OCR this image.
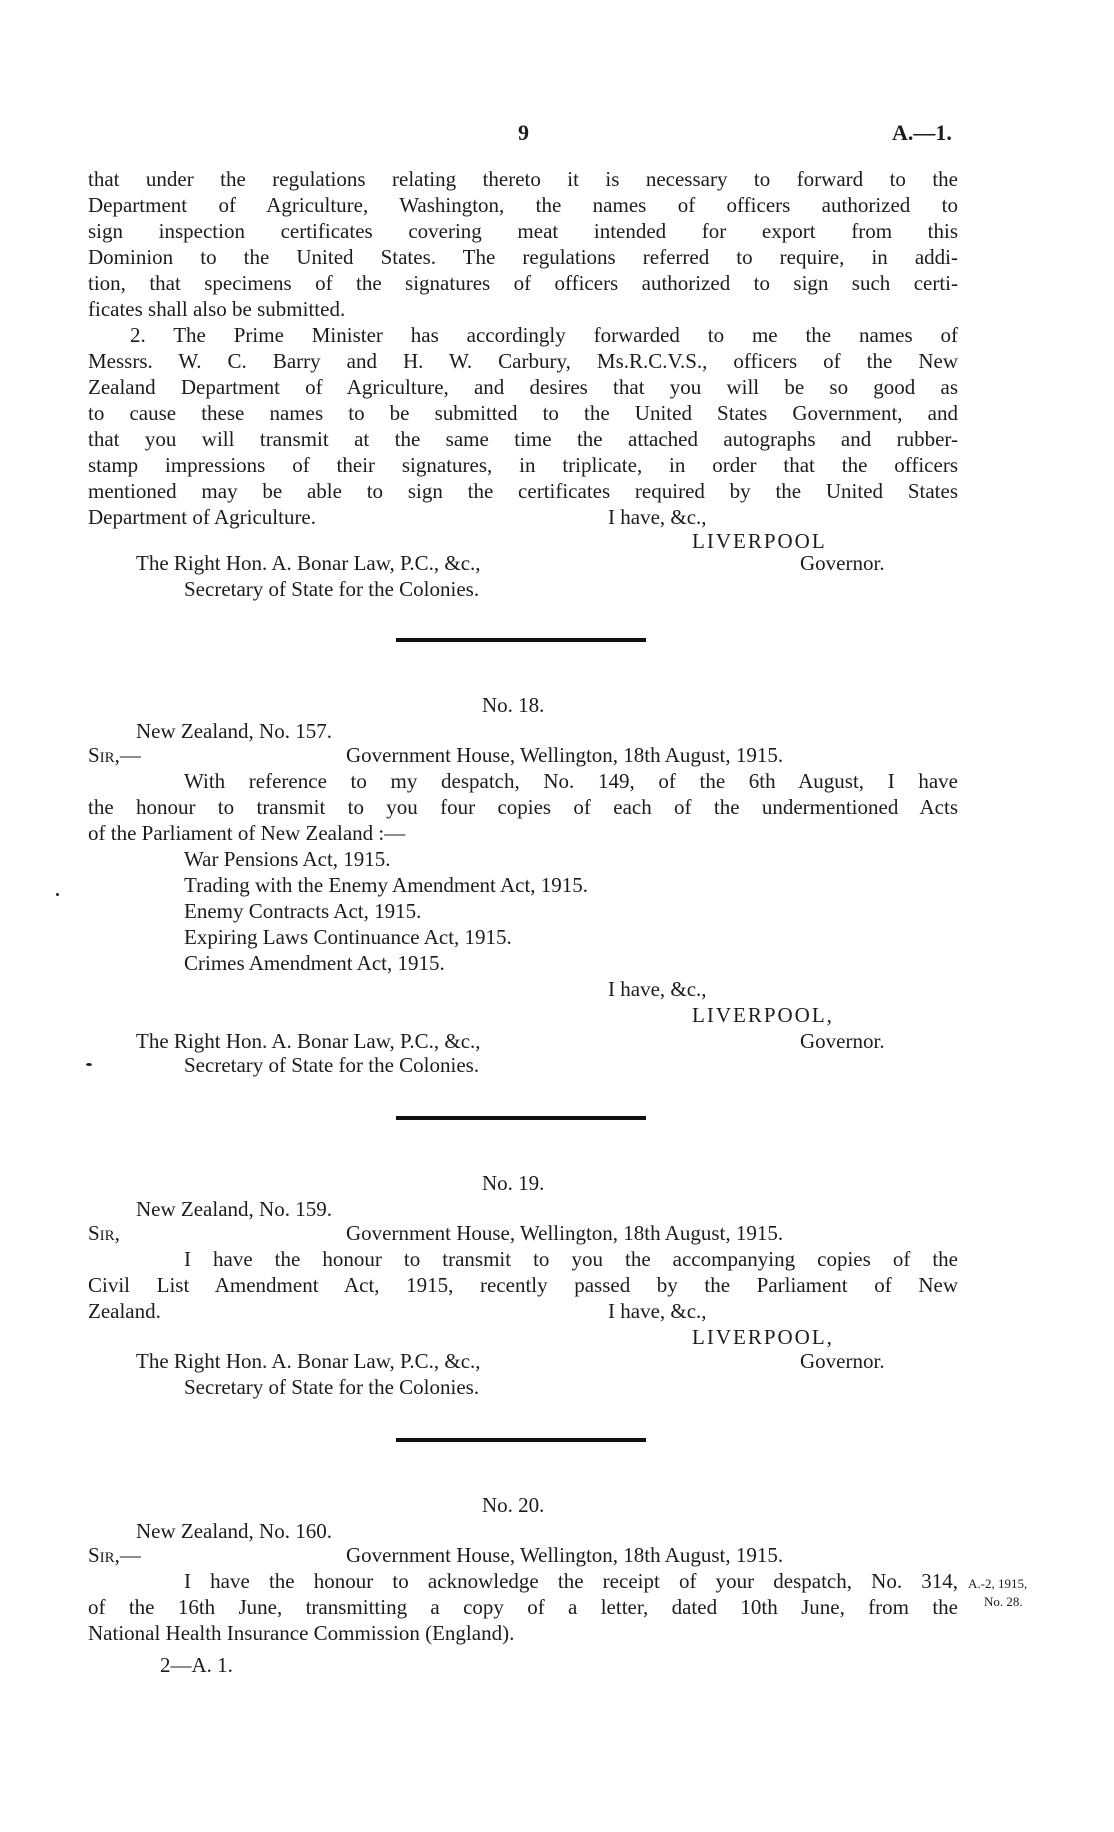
9	A.—1.
that under the regulations relating thereto it is necessary to forward to the
Department of Agriculture, Washington, the names of officers authorized to
sign inspection certificates covering meat intended for export from this
Dominion to the United States. The regulations referred to require, in addi-
tion, that specimens of the signatures of officers authorized to sign such certi-
ficates shall also be submitted.
2. The Prime Minister has accordingly forwarded to me the names of
Messrs. W. C. Barry and H. W. Carbury, Ms.R.C.V.S., officers of the New
Zealand Department of Agriculture, and desires that you will be so good as
to cause these names to be submitted to the United States Government, and
that you will transmit at the same time the attached autographs and rubber-
stamp impressions of their signatures, in triplicate, in order that the officers
mentioned may be able to sign the certificates required by the United States
Department of Agriculture.	I have, &c.,
LIVERPOOL
The Right Hon. A. Bonar Law, P.C., &c.,	Governor.
Secretary of State for the Colonies.
No. 18.
New Zealand, No. 157.
Sir,—	Government House, Wellington, 18th August, 1915.
With reference to my despatch, No. 149, of the 6th August, I have
the honour to transmit to you four copies of each of the undermentioned Acts
of the Parliament of New Zealand :—
War Pensions Act, 1915.
Trading with the Enemy Amendment Act, 1915.
Enemy Contracts Act, 1915.
Expiring Laws Continuance Act, 1915.
Crimes Amendment Act, 1915.
I have, &c.,
LIVERPOOL,
The Right Hon. A. Bonar Law, P.C., &c.,	Governor.
Secretary of State for the Colonies.
No. 19.
New Zealand, No. 159.
Sir,	Government House, Wellington, 18th August, 1915.
I have the honour to transmit to you the accompanying copies of the
Civil List Amendment Act, 1915, recently passed by the Parliament of New
Zealand.	I have, &c.,
LIVERPOOL,
The Right Hon. A. Bonar Law, P.C., &c.,	Governor.
Secretary of State for the Colonies.
No. 20.
New Zealand, No. 160.
Sir,—	Government House, Wellington, 18th August, 1915.
I have the honour to acknowledge the receipt of your despatch, No. 314,
of the 16th June, transmitting a copy of a letter, dated 10th June, from the
National Health Insurance Commission (England).
A.-2, 1915,
No. 28.
2—A. 1.
